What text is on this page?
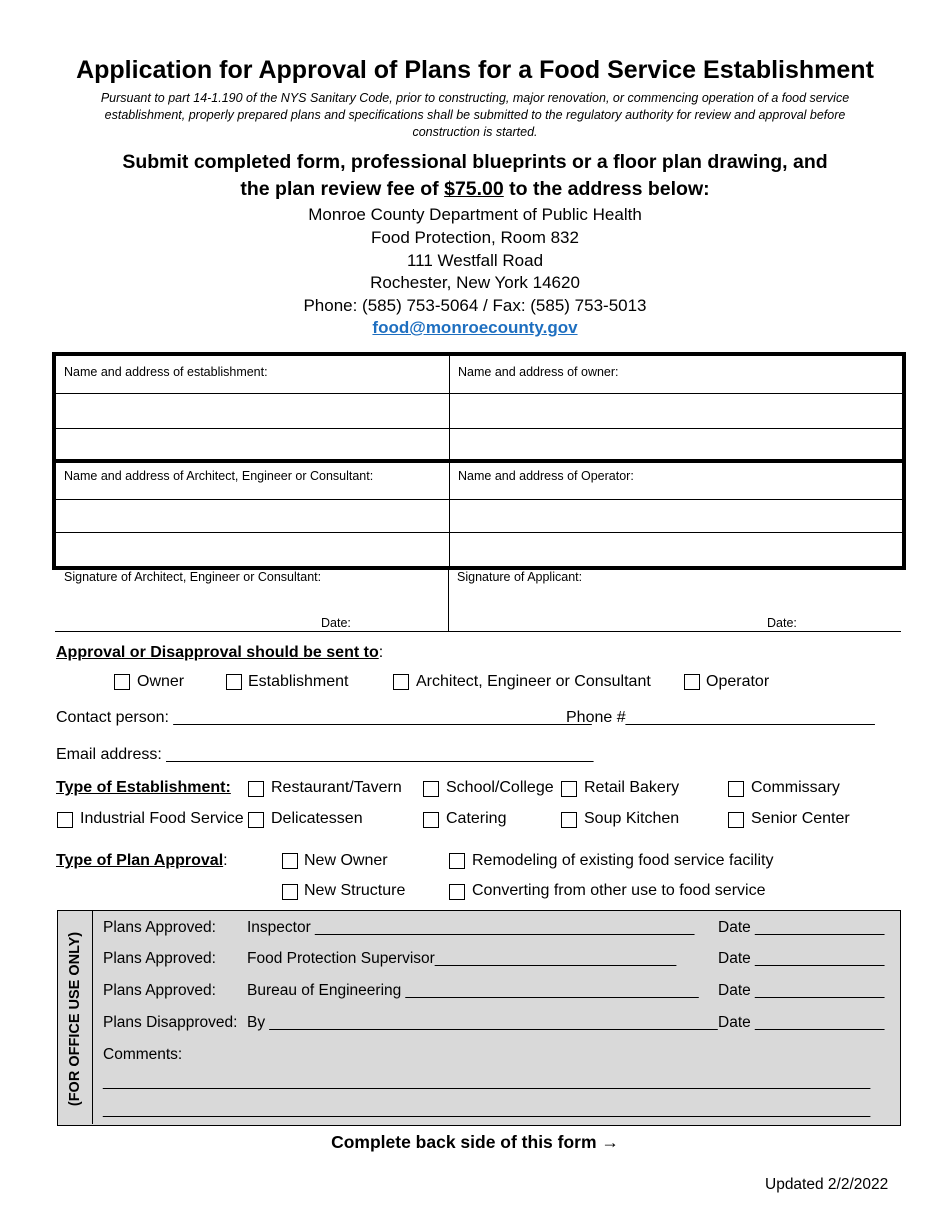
Application for Approval of Plans for a Food Service Establishment
Pursuant to part 14-1.190 of the NYS Sanitary Code, prior to constructing, major renovation, or commencing operation of a food service establishment, properly prepared plans and specifications shall be submitted to the regulatory authority for review and approval before construction is started.
Submit completed form, professional blueprints or a floor plan drawing, and
the plan review fee of $75.00 to the address below:
Monroe County Department of Public Health
Food Protection, Room 832
111 Westfall Road
Rochester, New York 14620
Phone: (585) 753-5064 / Fax: (585) 753-5013
food@monroecounty.gov
Name and address of establishment:	Name and address of owner:
Name and address of Architect, Engineer or Consultant:	Name and address of Operator:
Signature of Architect, Engineer or Consultant:
Date:
Signature of Applicant:
Date:
Approval or Disapproval should be sent to:
Owner	Establishment	Architect, Engineer or Consultant	Operator
Contact person: _______________________________________________
Phone #____________________________
Email address: ________________________________________________
Type of Establishment:	Restaurant/Tavern	School/College Retail Bakery	Commissary
Industrial Food Service Delicatessen	Catering	Soup Kitchen	Senior Center
Type of Plan Approval:	New Owner	Remodeling of existing food service facility
New Structure	Converting from other use to food service
(FOR OFFICE USE ONLY)
Plans Approved: Inspector ____________________________________________ Date _______________
Plans Approved: Food Protection Supervisor____________________________	Date _______________
Plans Approved: Bureau of Engineering __________________________________ Date _______________
Plans Disapproved: By ____________________________________________________ Date _______________
Comments:
_________________________________________________________________________________________
_________________________________________________________________________________________
Complete back side of this form →
Updated 2/2/2022
